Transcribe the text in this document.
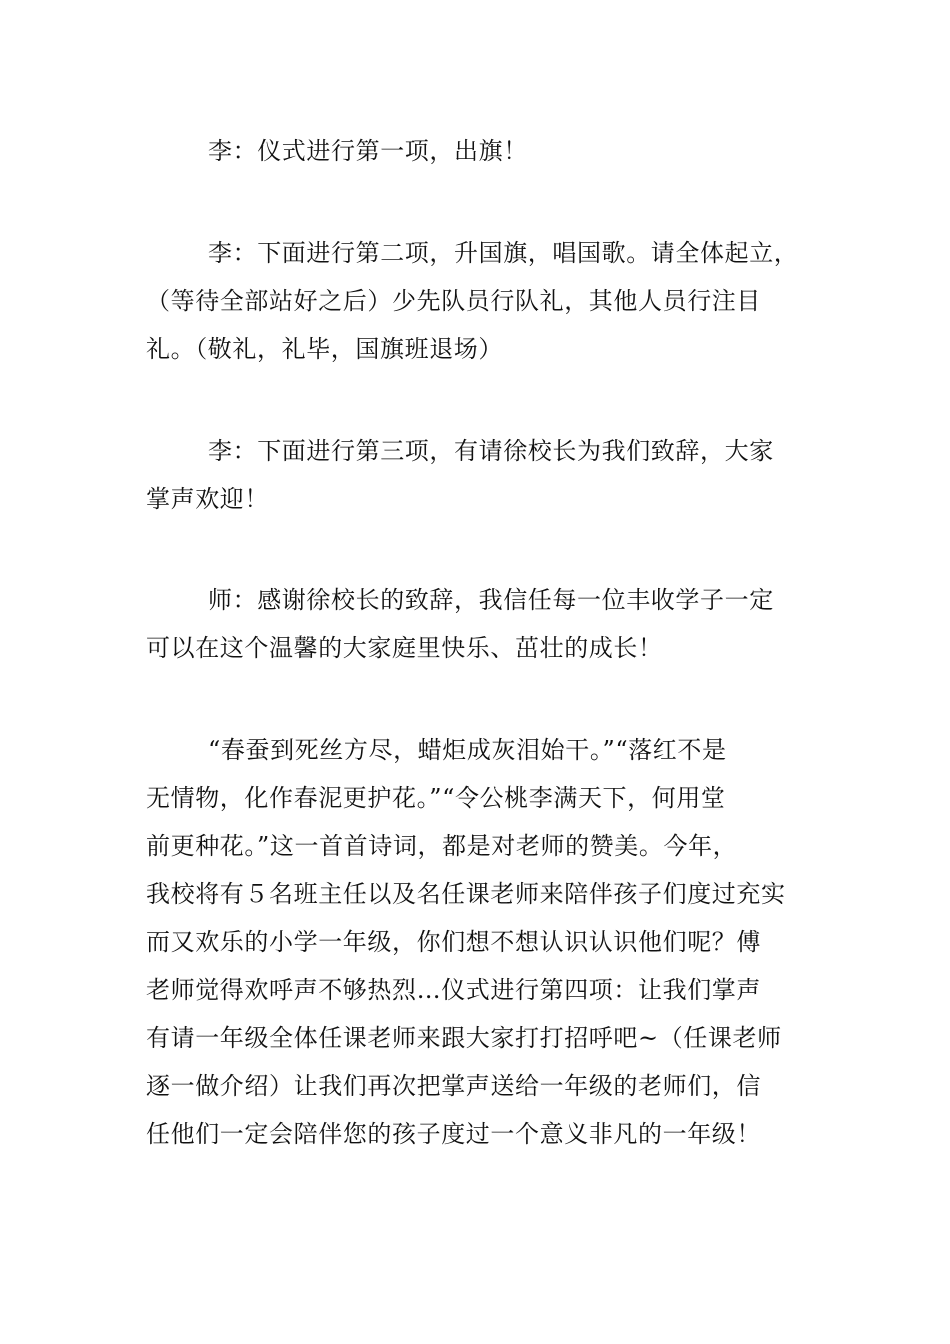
李：仪式进行第一项，出旗！
李：下面进行第二项，升国旗，唱国歌。请全体起立，
（等待全部站好之后）少先队员行队礼，其他人员行注目
礼。（敬礼，礼毕，国旗班退场）
李：下面进行第三项，有请徐校长为我们致辞，大家
掌声欢迎！
师：感谢徐校长的致辞，我信任每一位丰收学子一定
可以在这个温馨的大家庭里快乐、茁壮的成长！
“春蚕到死丝方尽，蜡炬成灰泪始干。”“落红不是
无情物，化作春泥更护花。”“令公桃李满天下，何用堂
前更种花。”这一首首诗词，都是对老师的赞美。今年，
我校将有５名班主任以及名任课老师来陪伴孩子们度过充实
而又欢乐的小学一年级，你们想不想认识认识他们呢？傅
老师觉得欢呼声不够热烈…仪式进行第四项：让我们掌声
有请一年级全体任课老师来跟大家打打招呼吧~（任课老师
逐一做介绍）让我们再次把掌声送给一年级的老师们，信
任他们一定会陪伴您的孩子度过一个意义非凡的一年级！
